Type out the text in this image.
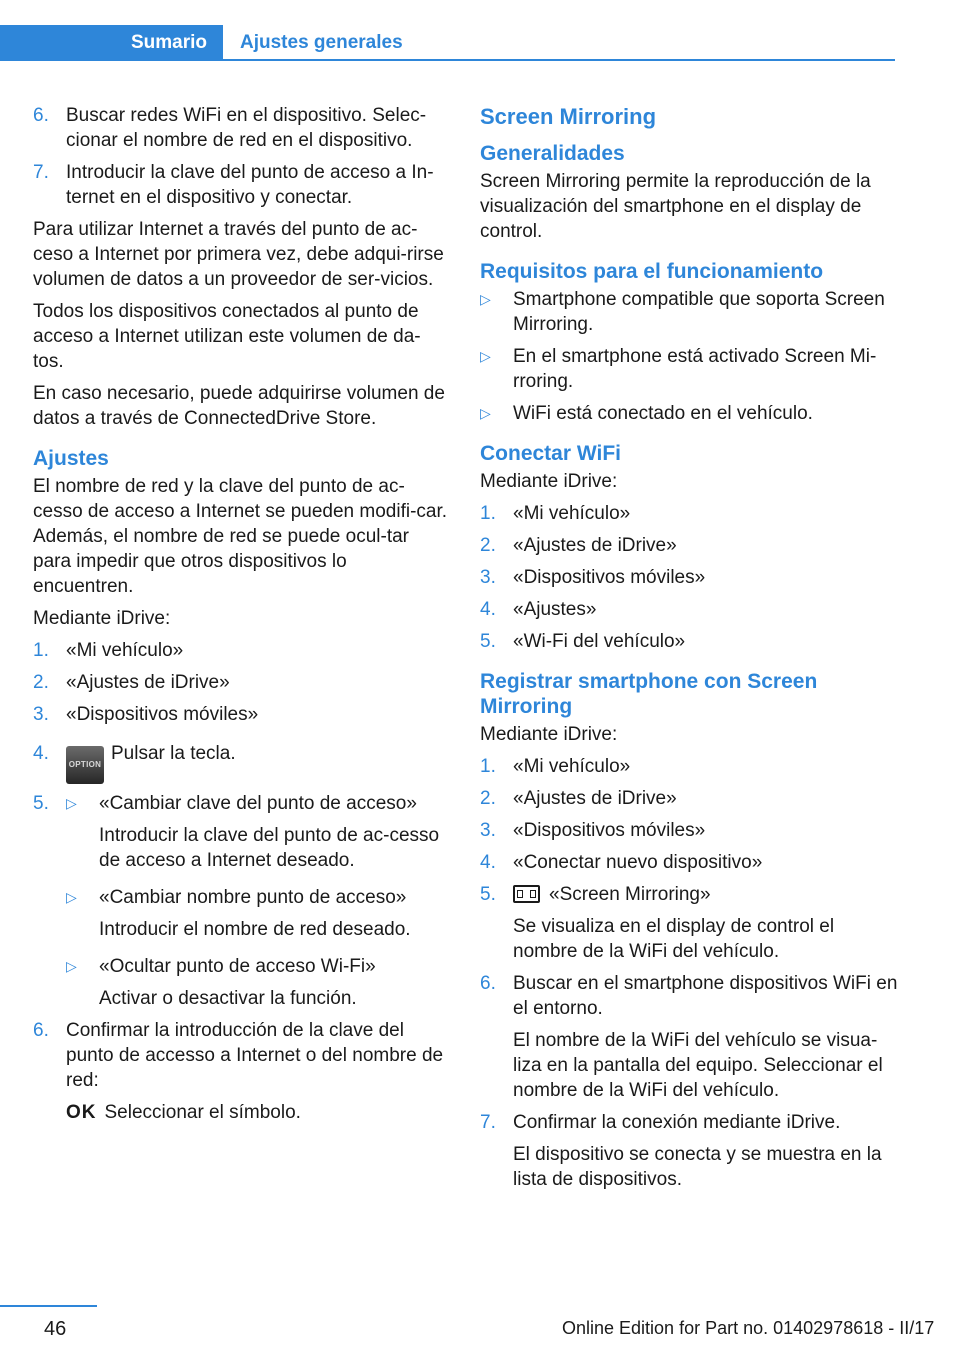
Sumario	Ajustes generales
6. Buscar redes WiFi en el dispositivo. Selec-cionar el nombre de red en el dispositivo.
7. Introducir la clave del punto de acceso a In-ternet en el dispositivo y conectar.

Para utilizar Internet a través del punto de ac-ceso a Internet por primera vez, debe adqui-rirse volumen de datos a un proveedor de ser-vicios.

Todos los dispositivos conectados al punto de acceso a Internet utilizan este volumen de da-tos.

En caso necesario, puede adquirirse volumen de datos a través de ConnectedDrive Store.

Ajustes

El nombre de red y la clave del punto de ac-cesso de acceso a Internet se pueden modifi-car. Además, el nombre de red se puede ocul-tar para impedir que otros dispositivos lo encuentren.

Mediante iDrive:

1. «Mi vehículo»
2. «Ajustes de iDrive»
3. «Dispositivos móviles»
4.
OPTIONPulsar la tecla.
5. ▷ «Cambiar clave del punto de acceso»
Introducir la clave del punto de ac-cesso de acceso a Internet deseado.
▷ «Cambiar nombre punto de acceso»
Introducir el nombre de red deseado.
▷ «Ocultar punto de acceso Wi-Fi»
Activar o desactivar la función.
6. Confirmar la introducción de la clave del punto de accesso a Internet o del nombre de red:
OK Seleccionar el símbolo.
Screen Mirroring
Generalidades

Screen Mirroring permite la reproducción de la visualización del smartphone en el display de control.

Requisitos para el funcionamiento
▷ Smartphone compatible que soporta Screen Mirroring.
▷ En el smartphone está activado Screen Mi-rroring.
▷ WiFi está conectado en el vehículo.
Conectar WiFi

Mediante iDrive:

1. «Mi vehículo»
2. «Ajustes de iDrive»
3. «Dispositivos móviles»
4. «Ajustes»
5. «Wi-Fi del vehículo»
Registrar smartphone con Screen Mirroring

Mediante iDrive:

1. «Mi vehículo»
2. «Ajustes de iDrive»
3. «Dispositivos móviles»
4. «Conectar nuevo dispositivo»
5.	«Screen Mirroring»
Se visualiza en el display de control el nombre de la WiFi del vehículo.
6. Buscar en el smartphone dispositivos WiFi en el entorno.
El nombre de la WiFi del vehículo se visua-liza en la pantalla del equipo. Seleccionar el nombre de la WiFi del vehículo.
7. Confirmar la conexión mediante iDrive.
El dispositivo se conecta y se muestra en la lista de dispositivos.
46	Online Edition for Part no. 01402978618 - II/17
